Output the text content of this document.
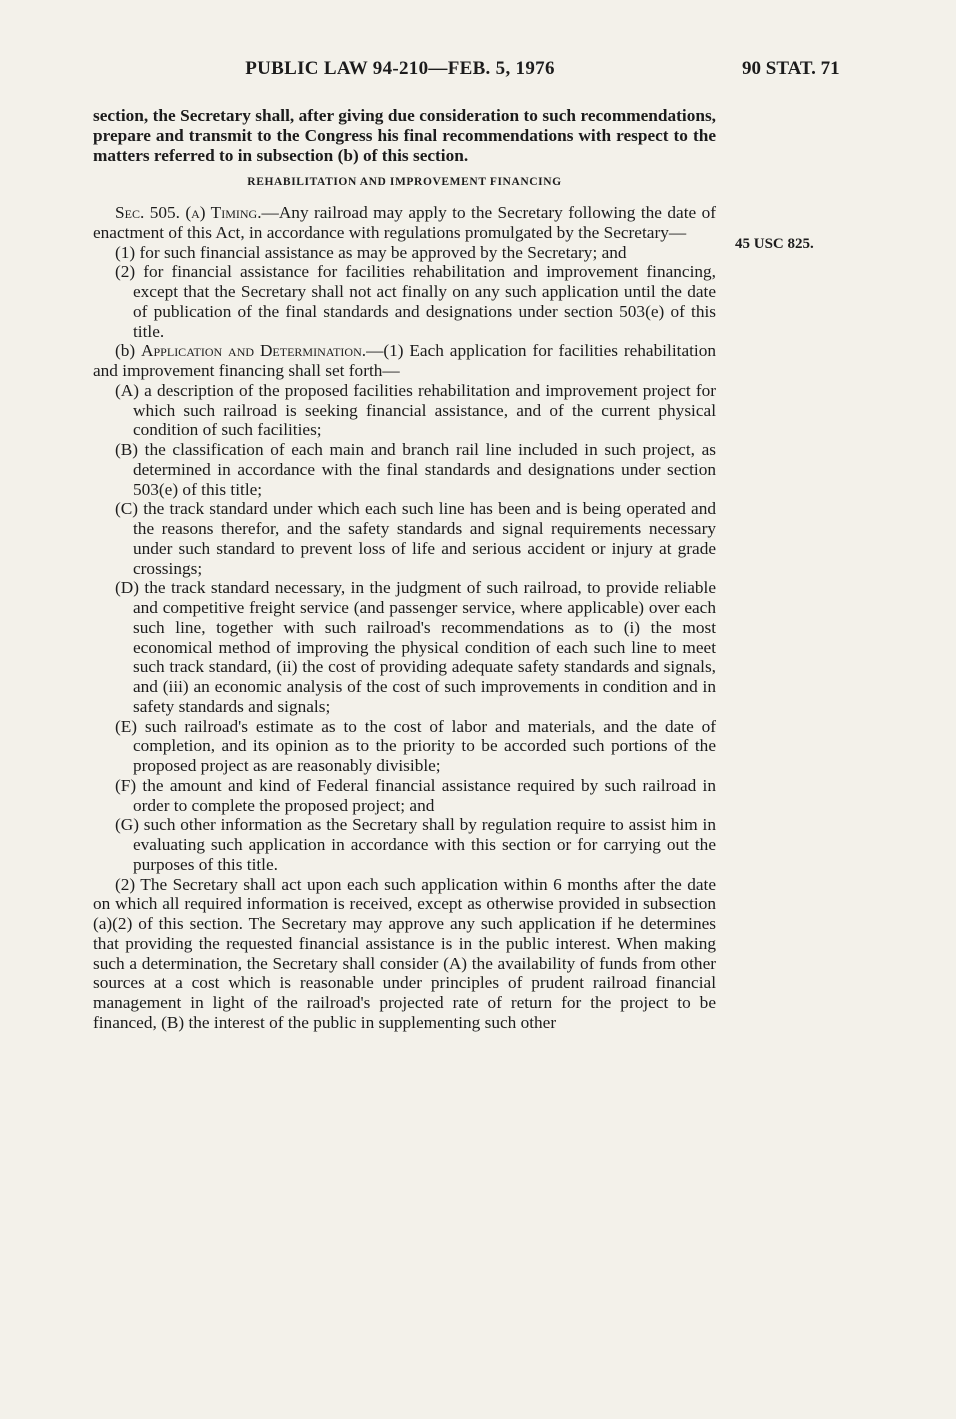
PUBLIC LAW 94-210—FEB. 5, 1976	90 STAT. 71
45 USC 825.

section, the Secretary shall, after giving due consideration to such recommendations, prepare and transmit to the Congress his final recommendations with respect to the matters referred to in subsection (b) of this section.

REHABILITATION AND IMPROVEMENT FINANCING

Sec. 505. (a) Timing.—Any railroad may apply to the Secretary following the date of enactment of this Act, in accordance with regulations promulgated by the Secretary—

(1) for such financial assistance as may be approved by the Secretary; and

(2) for financial assistance for facilities rehabilitation and improvement financing, except that the Secretary shall not act finally on any such application until the date of publication of the final standards and designations under section 503(e) of this title.

(b) Application and Determination.—(1) Each application for facilities rehabilitation and improvement financing shall set forth—

(A) a description of the proposed facilities rehabilitation and improvement project for which such railroad is seeking financial assistance, and of the current physical condition of such facilities;

(B) the classification of each main and branch rail line included in such project, as determined in accordance with the final standards and designations under section 503(e) of this title;

(C) the track standard under which each such line has been and is being operated and the reasons therefor, and the safety standards and signal requirements necessary under such standard to prevent loss of life and serious accident or injury at grade crossings;

(D) the track standard necessary, in the judgment of such railroad, to provide reliable and competitive freight service (and passenger service, where applicable) over each such line, together with such railroad's recommendations as to (i) the most economical method of improving the physical condition of each such line to meet such track standard, (ii) the cost of providing adequate safety standards and signals, and (iii) an economic analysis of the cost of such improvements in condition and in safety standards and signals;

(E) such railroad's estimate as to the cost of labor and materials, and the date of completion, and its opinion as to the priority to be accorded such portions of the proposed project as are reasonably divisible;

(F) the amount and kind of Federal financial assistance required by such railroad in order to complete the proposed project; and

(G) such other information as the Secretary shall by regulation require to assist him in evaluating such application in accordance with this section or for carrying out the purposes of this title.

(2) The Secretary shall act upon each such application within 6 months after the date on which all required information is received, except as otherwise provided in subsection (a)(2) of this section. The Secretary may approve any such application if he determines that providing the requested financial assistance is in the public interest. When making such a determination, the Secretary shall consider (A) the availability of funds from other sources at a cost which is reasonable under principles of prudent railroad financial management in light of the railroad's projected rate of return for the project to be financed, (B) the interest of the public in supplementing such other
